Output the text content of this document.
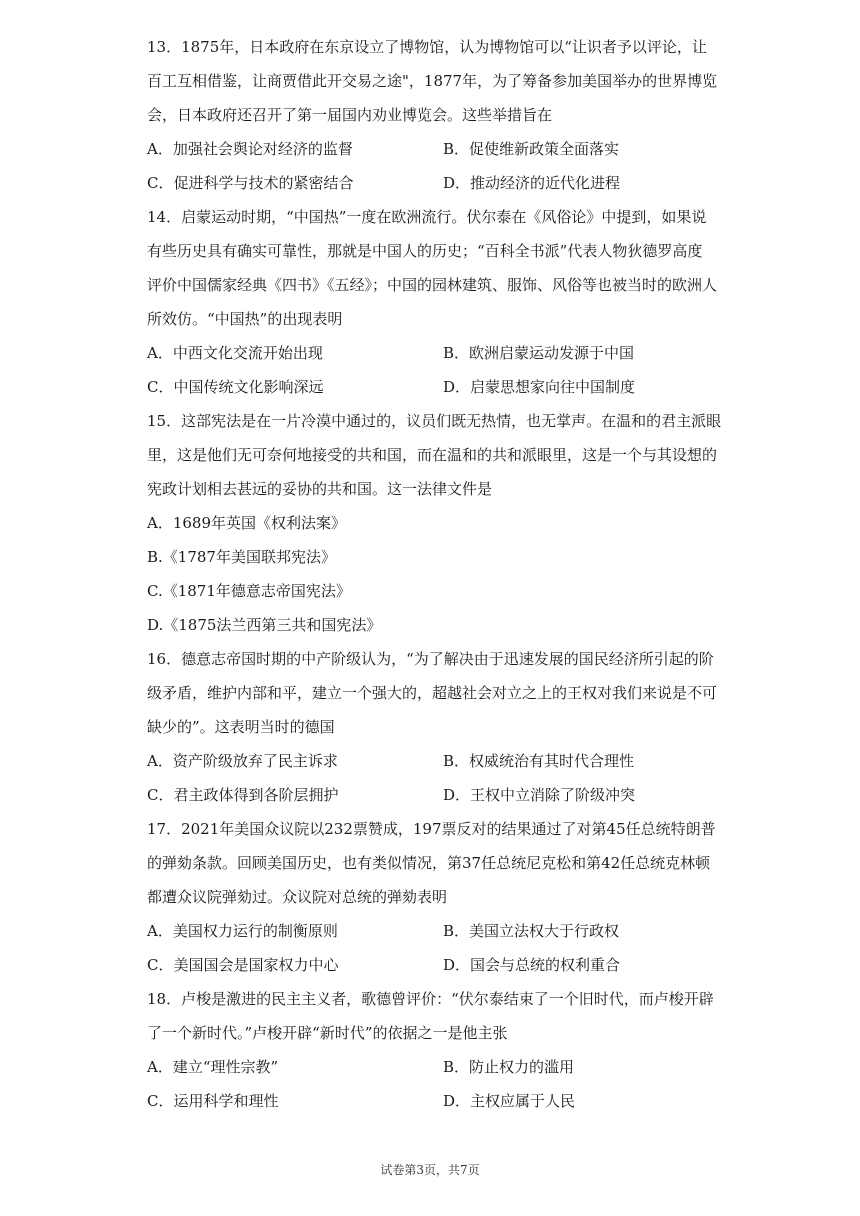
13．1875年，日本政府在东京设立了博物馆，认为博物馆可以“让识者予以评论，让
百工互相借鉴，让商贾借此开交易之途"，1877年，为了筹备参加美国举办的世界博览
会，日本政府还召开了第一届国内劝业博览会。这些举措旨在
A．加强社会舆论对经济的监督	B．促使维新政策全面落实
C．促进科学与技术的紧密结合	D．推动经济的近代化进程
14．启蒙运动时期，“中国热”一度在欧洲流行。伏尔泰在《风俗论》中提到，如果说
有些历史具有确实可靠性，那就是中国人的历史；“百科全书派”代表人物狄德罗高度
评价中国儒家经典《四书》《五经》；中国的园林建筑、服饰、风俗等也被当时的欧洲人
所效仿。“中国热”的出现表明
A．中西文化交流开始出现	B．欧洲启蒙运动发源于中国
C．中国传统文化影响深远	D．启蒙思想家向往中国制度
15．这部宪法是在一片冷漠中通过的，议员们既无热情，也无掌声。在温和的君主派眼
里，这是他们无可奈何地接受的共和国，而在温和的共和派眼里，这是一个与其设想的
宪政计划相去甚远的妥协的共和国。这一法律文件是
A．1689年英国《权利法案》
B.《1787年美国联邦宪法》
C.《1871年德意志帝国宪法》
D.《1875法兰西第三共和国宪法》
16．德意志帝国时期的中产阶级认为，“为了解决由于迅速发展的国民经济所引起的阶
级矛盾，维护内部和平，建立一个强大的，超越社会对立之上的王权对我们来说是不可
缺少的”。这表明当时的德国
A．资产阶级放弃了民主诉求	B．权威统治有其时代合理性
C．君主政体得到各阶层拥护	D．王权中立消除了阶级冲突
17．2021年美国众议院以232票赞成，197票反对的结果通过了对第45任总统特朗普
的弹劾条款。回顾美国历史，也有类似情况，第37任总统尼克松和第42任总统克林顿
都遭众议院弹劾过。众议院对总统的弹劾表明
A．美国权力运行的制衡原则	B．美国立法权大于行政权
C．美国国会是国家权力中心	D．国会与总统的权利重合
18．卢梭是激进的民主主义者，歌德曾评价：“伏尔泰结束了一个旧时代，而卢梭开辟
了一个新时代。”卢梭开辟“新时代”的依据之一是他主张
A．建立“理性宗教”	B．防止权力的滥用
C．运用科学和理性	D．主权应属于人民
试卷第3页，共7页
